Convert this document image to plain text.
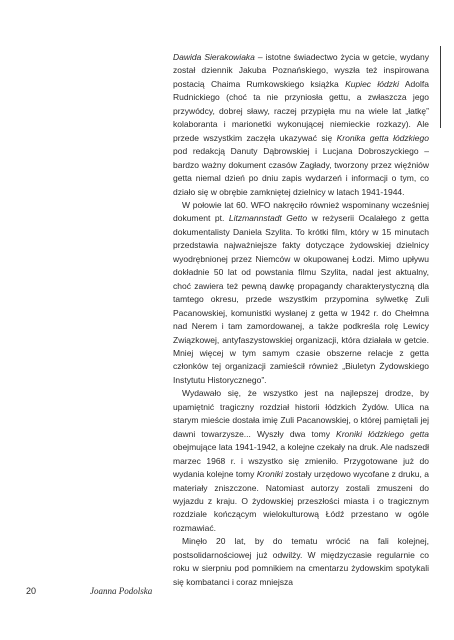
Dawida Sierakowiaka – istotne świadectwo życia w getcie, wydany został dziennik Jakuba Poznańskiego, wyszła też inspirowana postacią Chaima Rumkowskiego książka Kupiec łódzki Adolfa Rudnickiego (choć ta nie przyniosła gettu, a zwłaszcza jego przywódcy, dobrej sławy, raczej przypięła mu na wiele lat „łatkę” kolaboranta i marionetki wykonującej niemieckie rozkazy). Ale przede wszystkim zaczęła ukazywać się Kronika getta łódzkiego pod redakcją Danuty Dąbrowskiej i Lucjana Dobroszyckiego – bardzo ważny dokument czasów Zagłady, tworzony przez więźniów getta niemal dzień po dniu zapis wydarzeń i informacji o tym, co działo się w obrębie zamkniętej dzielnicy w latach 1941-1944.

W połowie lat 60. WFO nakręciło również wspominany wcześniej dokument pt. Litzmannstadt Getto w reżyserii Ocalałego z getta dokumentalisty Daniela Szylita. To krótki film, który w 15 minutach przedstawia najważniejsze fakty dotyczące żydowskiej dzielnicy wyodrębnionej przez Niemców w okupowanej Łodzi. Mimo upływu dokładnie 50 lat od powstania filmu Szylita, nadal jest aktualny, choć zawiera też pewną dawkę propagandy charakterystyczną dla tamtego okresu, przede wszystkim przypomina sylwetkę Zuli Pacanowskiej, komunistki wysłanej z getta w 1942 r. do Chełmna nad Nerem i tam zamordowanej, a także podkreśla rolę Lewicy Związkowej, antyfaszystowskiej organizacji, która działała w getcie. Mniej więcej w tym samym czasie obszerne relacje z getta członków tej organizacji zamieścił również „Biuletyn Żydowskiego Instytutu Historycznego”.

Wydawało się, że wszystko jest na najlepszej drodze, by upamiętnić tragiczny rozdział historii łódzkich Żydów. Ulica na starym mieście dostała imię Zuli Pacanowskiej, o której pamiętali jej dawni towarzysze... Wyszły dwa tomy Kroniki łódzkiego getta obejmujące lata 1941-1942, a kolejne czekały na druk. Ale nadszedł marzec 1968 r. i wszystko się zmieniło. Przygotowane już do wydania kolejne tomy Kroniki zostały urzędowo wycofane z druku, a materiały zniszczone. Natomiast autorzy zostali zmuszeni do wyjazdu z kraju. O żydowskiej przeszłości miasta i o tragicznym rozdziale kończącym wielokulturową Łódź przestano w ogóle rozmawiać.

Minęło 20 lat, by do tematu wrócić na fali kolejnej, postsolidarnościowej już odwilży. W międzyczasie regularnie co roku w sierpniu pod pomnikiem na cmentarzu żydowskim spotykali się kombatanci i coraz mniejsza

20	Joanna Podolska
